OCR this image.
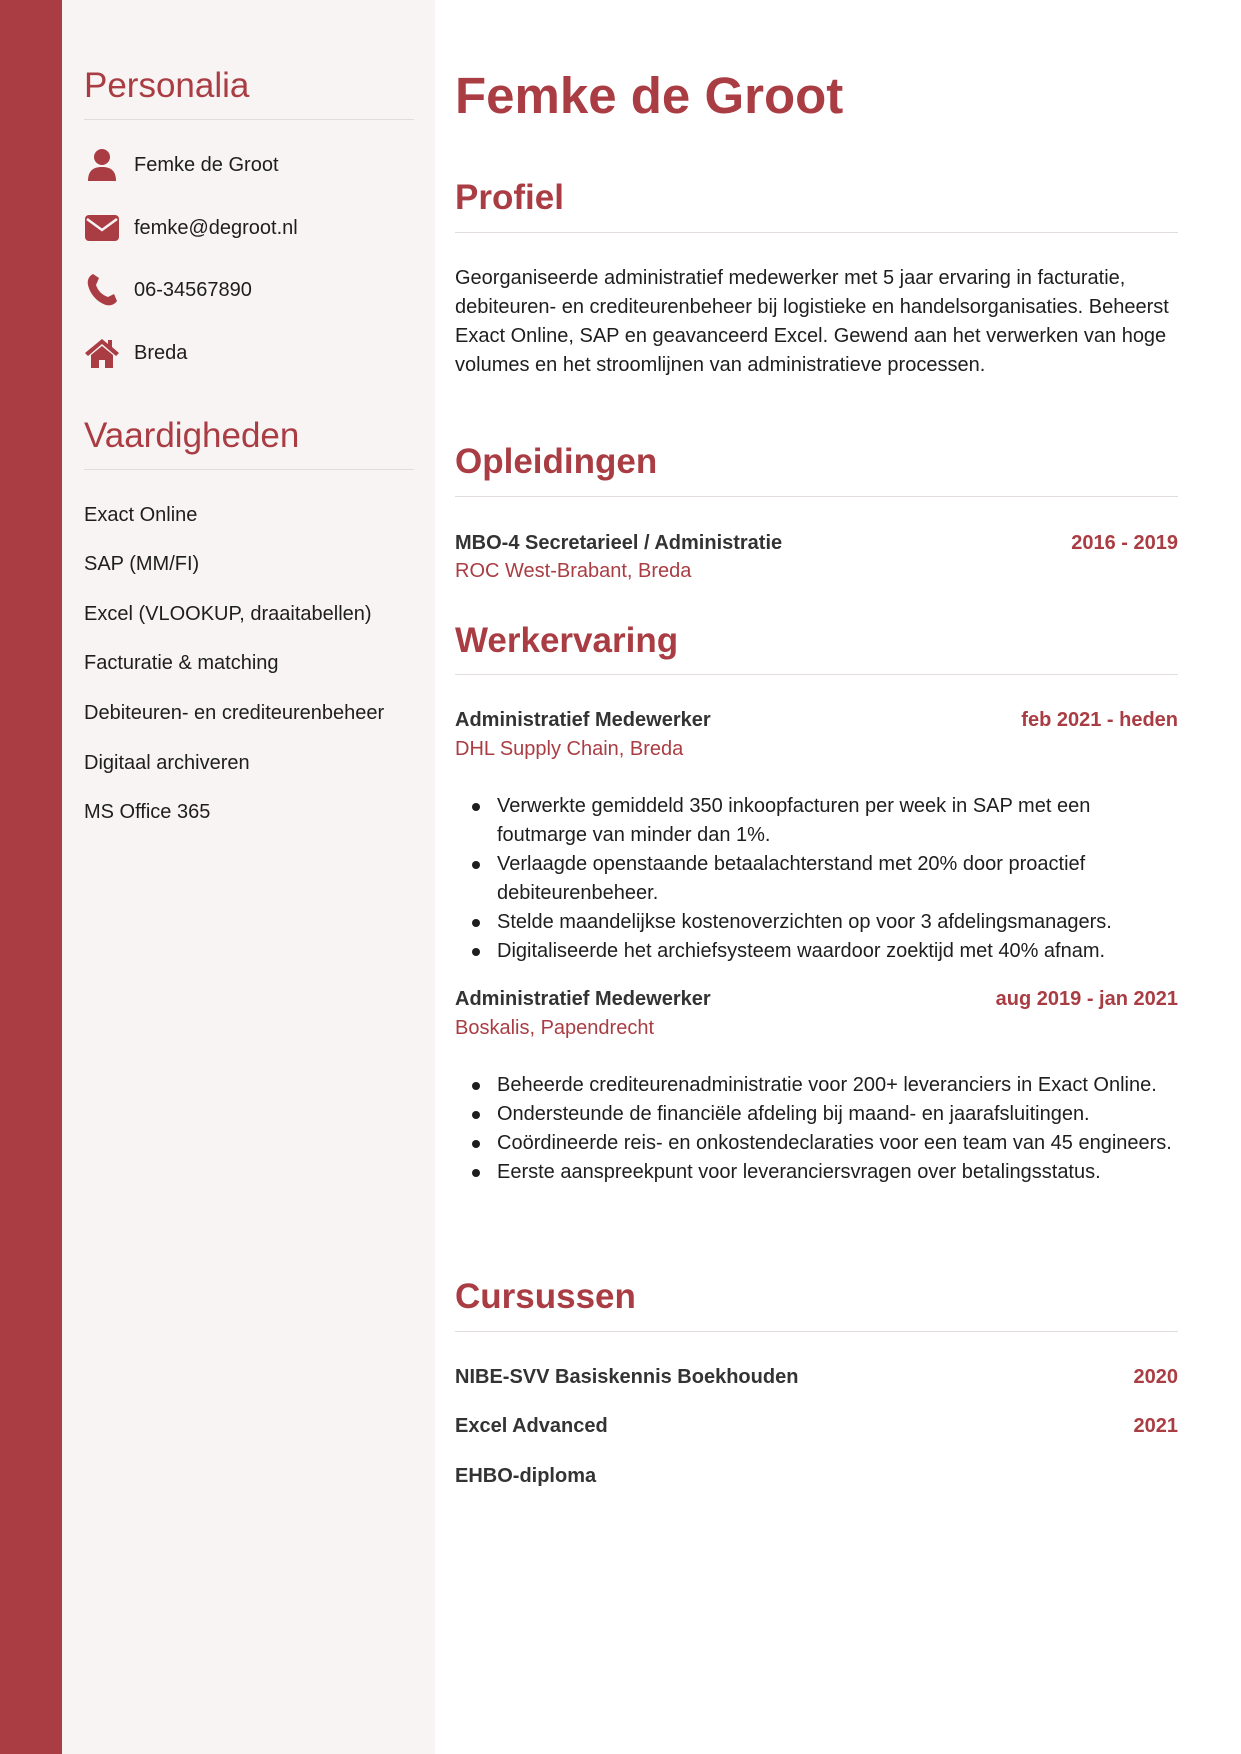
Personalia
Femke de Groot
femke@degroot.nl
06-34567890
Breda
Vaardigheden
Exact Online
SAP (MM/FI)
Excel (VLOOKUP, draaitabellen)
Facturatie & matching
Debiteuren- en crediteurenbeheer
Digitaal archiveren
MS Office 365
Femke de Groot
Profiel

Georganiseerde administratief medewerker met 5 jaar ervaring in facturatie, debiteuren- en crediteurenbeheer bij logistieke en handelsorganisaties. Beheerst Exact Online, SAP en geavanceerd Excel. Gewend aan het verwerken van hoge volumes en het stroomlijnen van administratieve processen.

Opleidingen
MBO-4 Secretarieel / Administratie	2016 - 2019
ROC West-Brabant, Breda
Werkervaring
Administratief Medewerker	feb 2021 - heden
DHL Supply Chain, Breda
Verwerkte gemiddeld 350 inkoopfacturen per week in SAP met een foutmarge van minder dan 1%.
Verlaagde openstaande betaalachterstand met 20% door proactief debiteurenbeheer.
Stelde maandelijkse kostenoverzichten op voor 3 afdelingsmanagers.
Digitaliseerde het archiefsysteem waardoor zoektijd met 40% afnam.
Administratief Medewerker	aug 2019 - jan 2021
Boskalis, Papendrecht
Beheerde crediteurenadministratie voor 200+ leveranciers in Exact Online.
Ondersteunde de financiële afdeling bij maand- en jaarafsluitingen.
Coördineerde reis- en onkostendeclaraties voor een team van 45 engineers.
Eerste aanspreekpunt voor leveranciersvragen over betalingsstatus.
Cursussen
NIBE-SVV Basiskennis Boekhouden	2020
Excel Advanced	2021
EHBO-diploma
